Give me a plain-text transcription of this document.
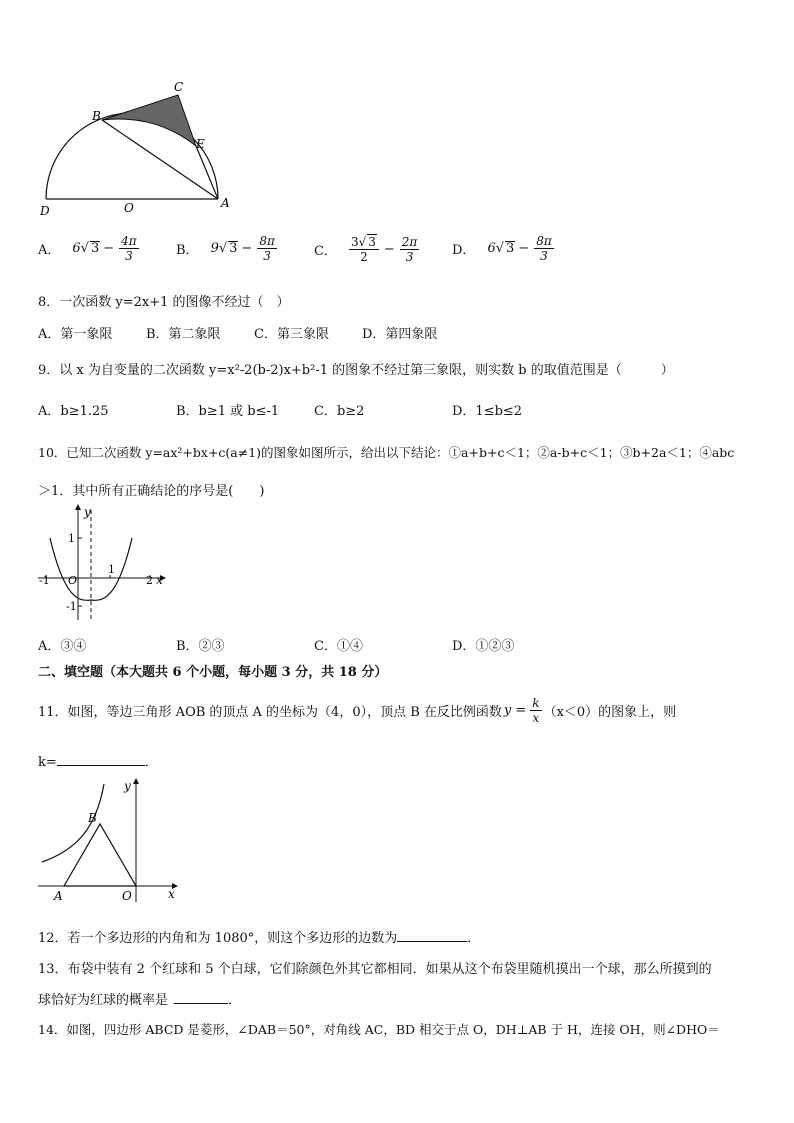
B
C
E
D	O	A
A． 6 √ $3 - \frac{4\pi}{3}$	B． 9 √ $3 - \frac{8\pi}{3}$	C． $\frac{3√ 3}{2} - \frac{2\pi}{3}$	D． 6 √ $3 - \frac{8\pi}{3}$
8．一次函数 y=2x+1 的图像不经过（　）
A．第一象限	B．第二象限	C．第三象限	D．第四象限
9．以 x 为自变量的二次函数 y=x²-2(b-2)x+b²-1 的图象不经过第三象限，则实数 b 的取值范围是（　　　）
A．b≥1.25	B．b≥1 或 b≤-1	C．b≥2	D．1≤b≤2
10．已知二次函数 y=ax²+bx+c(a≠1)的图象如图所示，给出以下结论：①a+b+c＜1；②a-b+c＜1；③b+2a＜1；④abc
＞1．其中所有正确结论的序号是(　　)
y
x
1
-1 O
1
2
-1
A．③④	B．②③	C．①④	D．①②③
二、填空题（本大题共 6 个小题，每小题 3 分，共 18 分）
11．如图，等边三角形 AOB 的顶点 A 的坐标为（4，0），顶点 B 在反比例函数 $y = \frac{k}{x} (x<0)$的图象上，则
k=	．
y
x
B
A	O
12．若一个多边形的内角和为 1080°，则这个多边形的边数为	．
13．布袋中装有 2 个红球和 5 个白球，它们除颜色外其它都相同．如果从这个布袋里随机摸出一个球，那么所摸到的
球恰好为红球的概率是	．
14．如图，四边形 ABCD 是菱形，∠DAB＝50°，对角线 AC，BD 相交于点 O，DH⊥AB 于 H，连接 OH，则∠DHO＝
